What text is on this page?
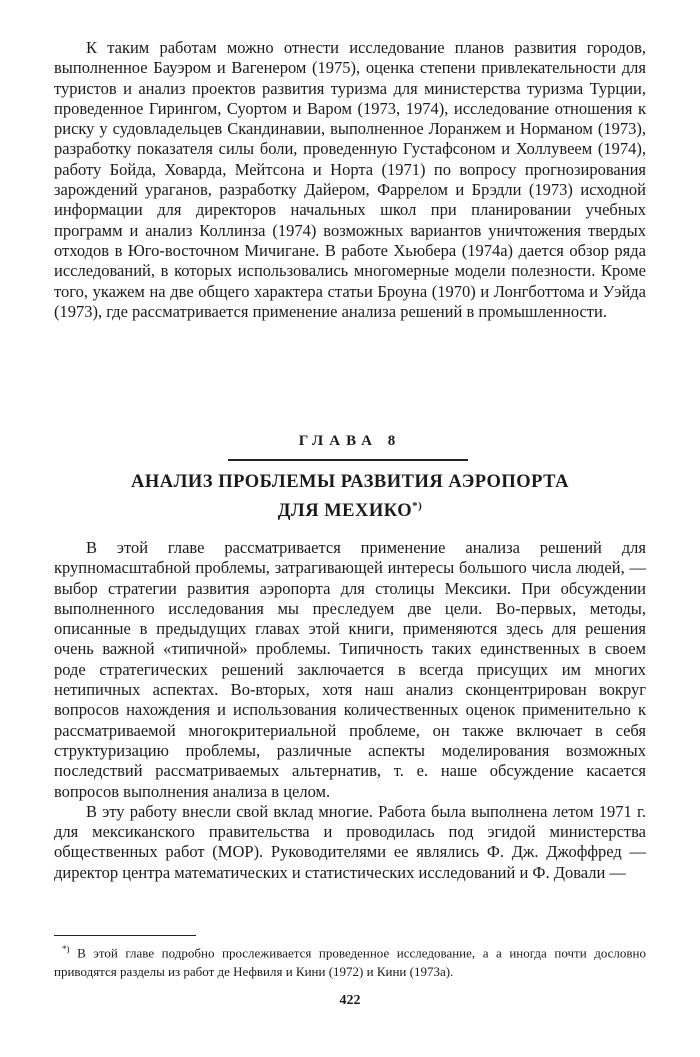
К таким работам можно отнести исследование планов развития городов, выполненное Бауэром и Вагенером (1975), оценка степени привлекательности для туристов и анализ проектов развития туризма для министерства туризма Турции, проведенное Гирингом, Суортом и Варом (1973, 1974), исследование отношения к риску у судовладельцев Скандинавии, выполненное Лоранжем и Норманом (1973), разработку показателя силы боли, проведенную Густафсоном и Холлувеем (1974), работу Бойда, Ховарда, Мейтсона и Норта (1971) по вопросу прогнозирования зарождений ураганов, разработку Дайером, Фаррелом и Брэдли (1973) исходной информации для директоров начальных школ при планировании учебных программ и анализ Коллинза (1974) возможных вариантов уничтожения твердых отходов в Юго-восточном Мичигане. В работе Хьюбера (1974а) дается обзор ряда исследований, в которых использовались многомерные модели полезности. Кроме того, укажем на две общего характера статьи Броуна (1970) и Лонгботтома и Уэйда (1973), где рассматривается применение анализа решений в промышленности.

ГЛАВА 8
АНАЛИЗ ПРОБЛЕМЫ РАЗВИТИЯ АЭРОПОРТА
ДЛЯ МЕХИКО*)

В этой главе рассматривается применение анализа решений для крупномасштабной проблемы, затрагивающей интересы большого числа людей, — выбор стратегии развития аэропорта для столицы Мексики. При обсуждении выполненного исследования мы преследуем две цели. Во-первых, методы, описанные в предыдущих главах этой книги, применяются здесь для решения очень важной «типичной» проблемы. Типичность таких единственных в своем роде стратегических решений заключается в всегда присущих им многих нетипичных аспектах. Во-вторых, хотя наш анализ сконцентрирован вокруг вопросов нахождения и использования количественных оценок применительно к рассматриваемой многокритериальной проблеме, он также включает в себя структуризацию проблемы, различные аспекты моделирования возможных последствий рассматриваемых альтернатив, т. е. наше обсуждение касается вопросов выполнения анализа в целом.

В эту работу внесли свой вклад многие. Работа была выполнена летом 1971 г. для мексиканского правительства и проводилась под эгидой министерства общественных работ (МОР). Руководителями ее являлись Ф. Дж. Джоффред — директор центра математических и статистических исследований и Ф. Довали —

*) В этой главе подробно прослеживается проведенное исследование, а а иногда почти дословно приводятся разделы из работ де Нефвиля и Кини (1972) и Кини (1973а).

422
